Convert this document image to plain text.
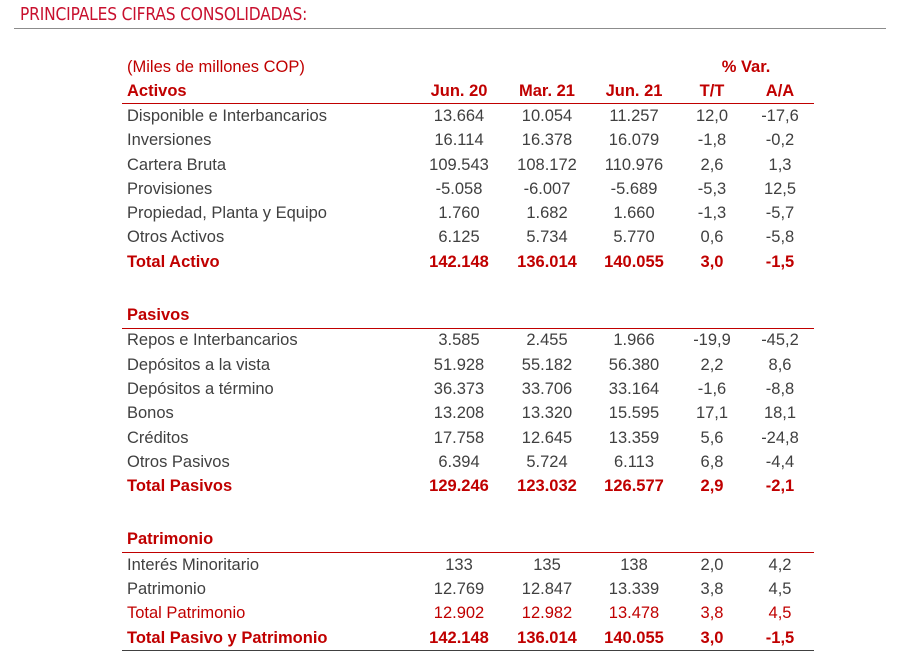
PRINCIPALES CIFRAS CONSOLIDADAS:
(Miles de millones COP)				% Var.	
Activos	Jun. 20	Mar. 21	Jun. 21	T/T	A/A
Disponible e Interbancarios	13.664	10.054	11.257	12,0	-17,6
Inversiones	16.114	16.378	16.079	-1,8	-0,2
Cartera Bruta	109.543	108.172	110.976	2,6	1,3
Provisiones	-5.058	-6.007	-5.689	-5,3	12,5
Propiedad, Planta y Equipo	1.760	1.682	1.660	-1,3	-5,7
Otros Activos	6.125	5.734	5.770	0,6	-5,8
Total Activo	142.148	136.014	140.055	3,0	-1,5

Pasivos					
Repos e Interbancarios	3.585	2.455	1.966	-19,9	-45,2
Depósitos a la vista	51.928	55.182	56.380	2,2	8,6
Depósitos a término	36.373	33.706	33.164	-1,6	-8,8
Bonos	13.208	13.320	15.595	17,1	18,1
Créditos	17.758	12.645	13.359	5,6	-24,8
Otros Pasivos	6.394	5.724	6.113	6,8	-4,4
Total Pasivos	129.246	123.032	126.577	2,9	-2,1

Patrimonio					
Interés Minoritario	133	135	138	2,0	4,2
Patrimonio	12.769	12.847	13.339	3,8	4,5
Total Patrimonio	12.902	12.982	13.478	3,8	4,5
Total Pasivo y Patrimonio	142.148	136.014	140.055	3,0	-1,5
